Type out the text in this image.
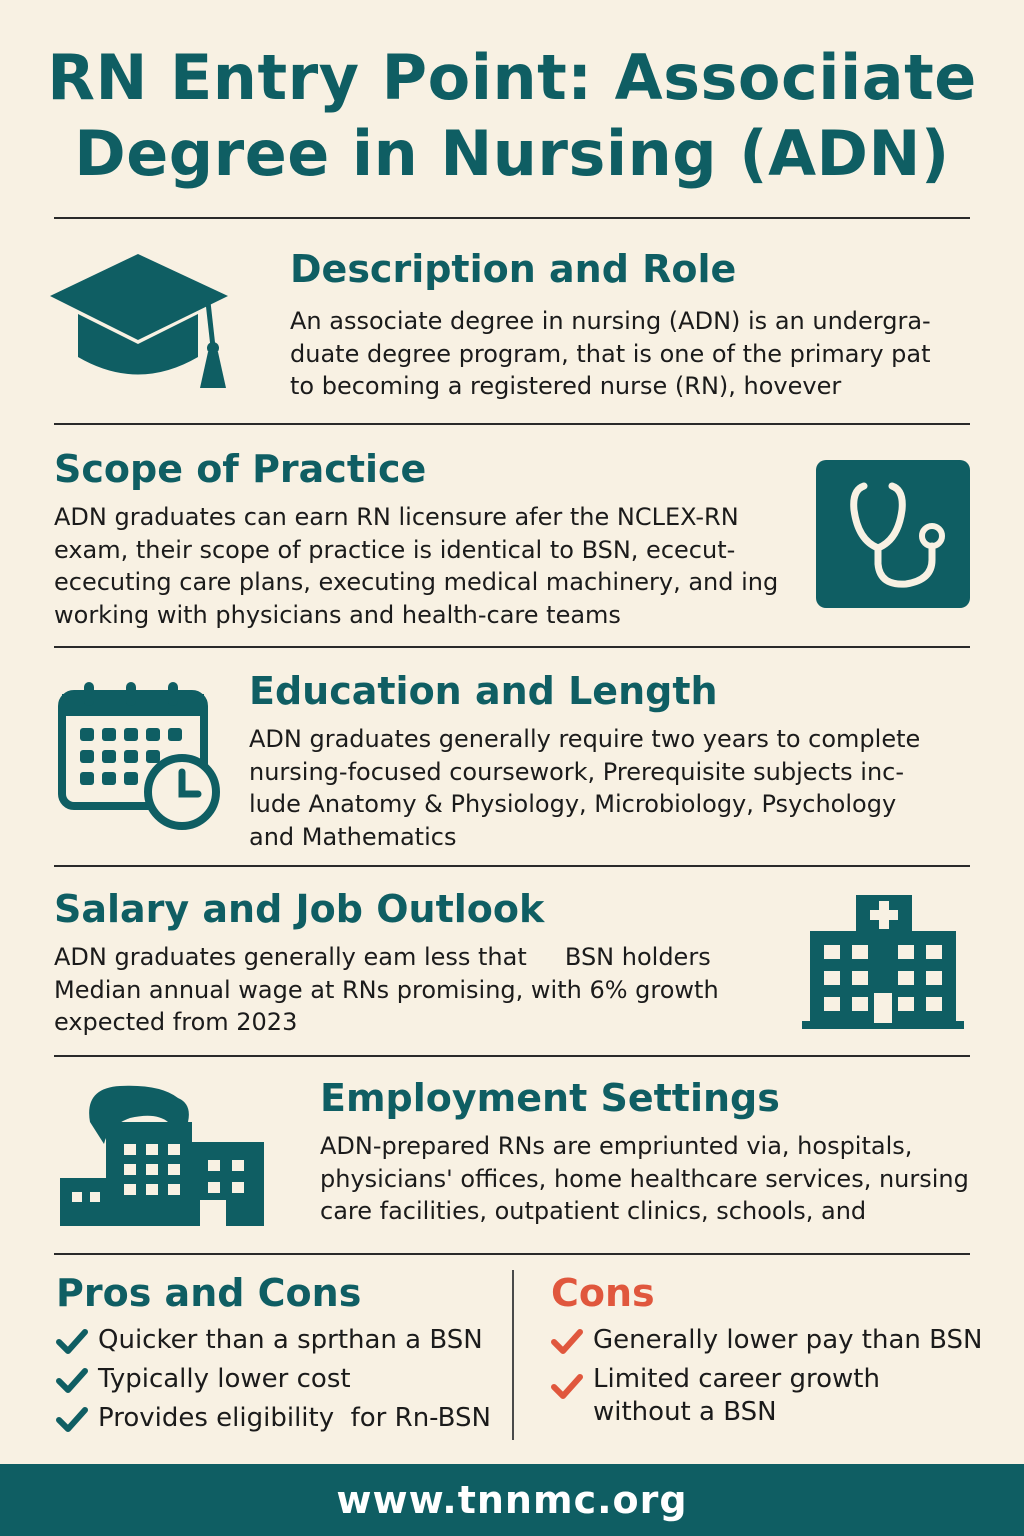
RN Entry Point: Associiate
Degree in Nursing (ADN)
Description and Role
An associate degree in nursing (ADN) is an undergra-
duate degree program, that is one of the primary pat
to becoming a registered nurse (RN), hovever
Scope of Practice
ADN graduates can earn RN licensure afer the NCLEX-RN
exam, their scope of practice is identical to BSN, ececut-
ececuting care plans, executing medical machinery, and ing
working with physicians and health-care teams
Education and Length
ADN graduates generally require two years to complete
nursing-focused coursework, Prerequisite subjects inc-
lude Anatomy & Physiology, Microbiology, Psychology
and Mathematics
Salary and Job Outlook
ADN graduates generally eam less that     BSN holders
Median annual wage at RNs promising, with 6% growth
expected from 2023
Employment Settings
ADN-prepared RNs are empriunted via, hospitals,
physicians' offices, home healthcare services, nursing
care facilities, outpatient clinics, schools, and
Pros and Cons
Quicker than a sprthan a BSN
Typically lower cost
Provides eligibility  for Rn-BSN
Cons
Generally lower pay than BSN
Limited career growth
without a BSN
www.tnnmc.org
